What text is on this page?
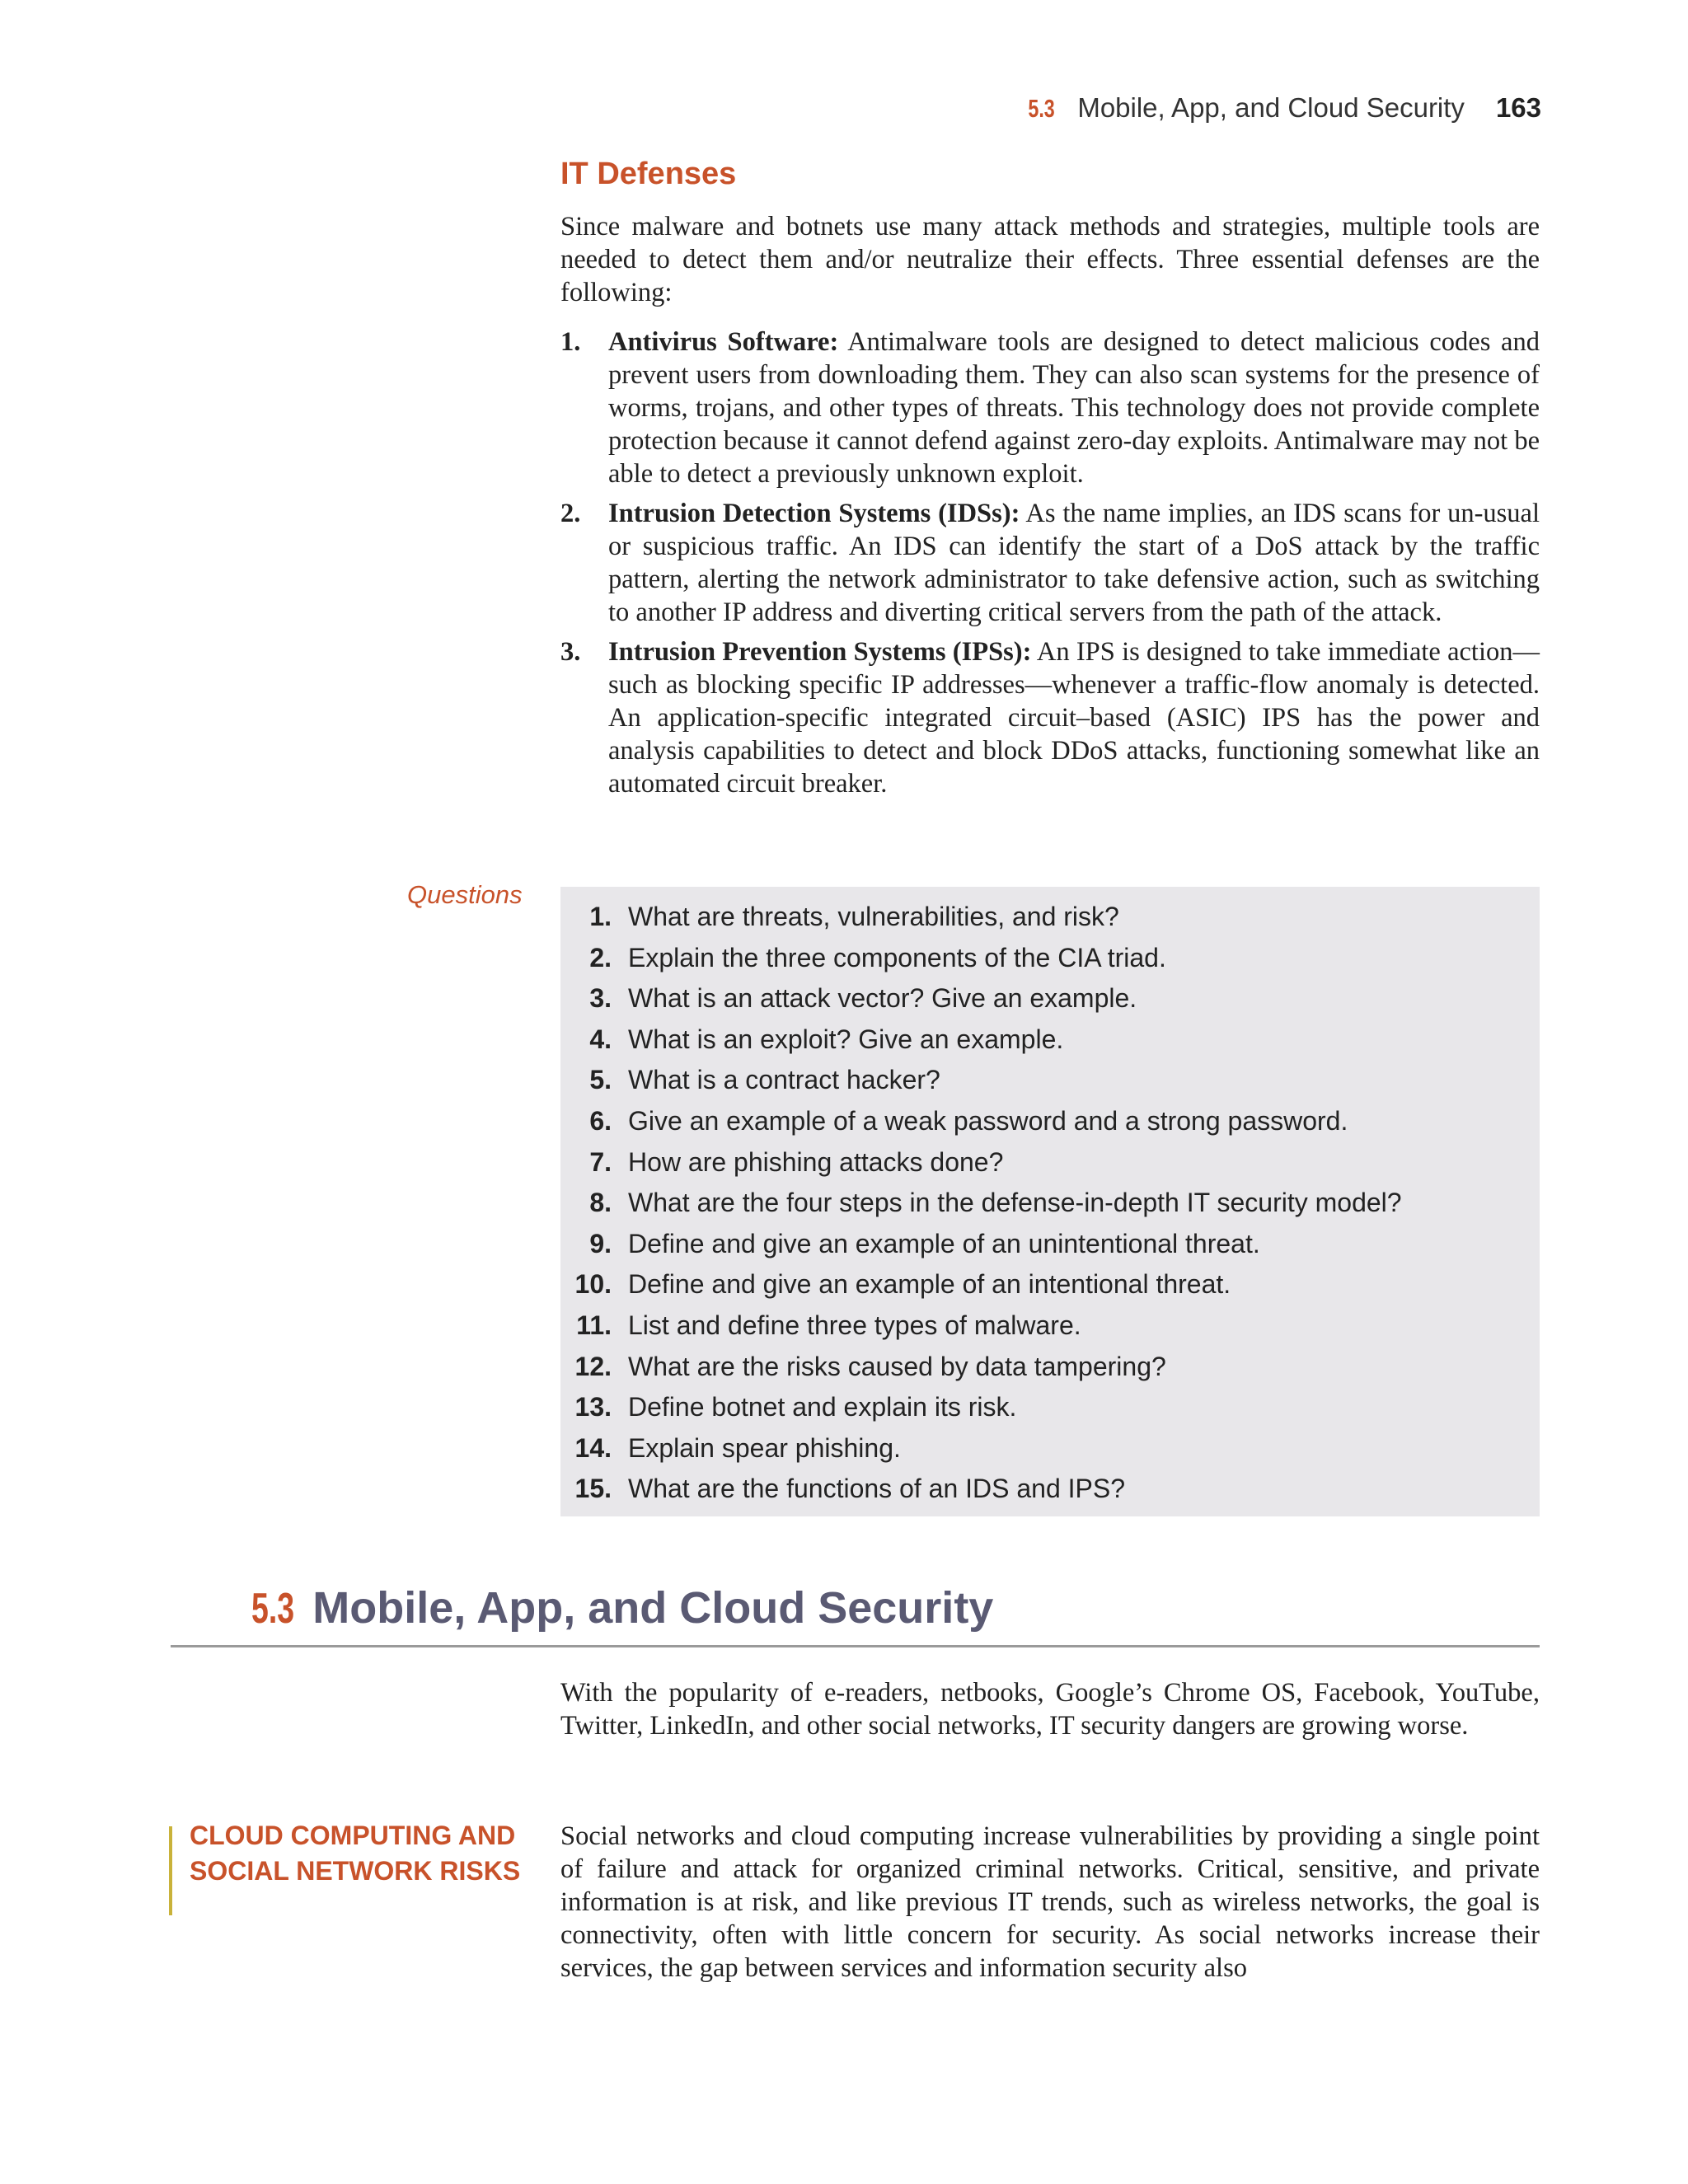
5.3 Mobile, App, and Cloud Security 163
IT Defenses
Since malware and botnets use many attack methods and strategies, multiple tools are needed to detect them and/or neutralize their effects. Three essential defenses are the following:
1. Antivirus Software: Antimalware tools are designed to detect malicious codes and prevent users from downloading them. They can also scan systems for the presence of worms, trojans, and other types of threats. This technology does not provide complete protection because it cannot defend against zero-day exploits. Antimalware may not be able to detect a previously unknown exploit.
2. Intrusion Detection Systems (IDSs): As the name implies, an IDS scans for un-usual or suspicious traffic. An IDS can identify the start of a DoS attack by the traffic pattern, alerting the network administrator to take defensive action, such as switching to another IP address and diverting critical servers from the path of the attack.
3. Intrusion Prevention Systems (IPSs): An IPS is designed to take immediate action—such as blocking specific IP addresses—whenever a traffic-flow anomaly is detected. An application-specific integrated circuit–based (ASIC) IPS has the power and analysis capabilities to detect and block DDoS attacks, functioning somewhat like an automated circuit breaker.
Questions
1. What are threats, vulnerabilities, and risk?
2. Explain the three components of the CIA triad.
3. What is an attack vector? Give an example.
4. What is an exploit? Give an example.
5. What is a contract hacker?
6. Give an example of a weak password and a strong password.
7. How are phishing attacks done?
8. What are the four steps in the defense-in-depth IT security model?
9. Define and give an example of an unintentional threat.
10. Define and give an example of an intentional threat.
11. List and define three types of malware.
12. What are the risks caused by data tampering?
13. Define botnet and explain its risk.
14. Explain spear phishing.
15. What are the functions of an IDS and IPS?
5.3 Mobile, App, and Cloud Security
With the popularity of e-readers, netbooks, Google’s Chrome OS, Facebook, YouTube, Twitter, LinkedIn, and other social networks, IT security dangers are growing worse.
CLOUD COMPUTING AND SOCIAL NETWORK RISKS
Social networks and cloud computing increase vulnerabilities by providing a single point of failure and attack for organized criminal networks. Critical, sensitive, and private information is at risk, and like previous IT trends, such as wireless networks, the goal is connectivity, often with little concern for security. As social networks increase their services, the gap between services and information security also
